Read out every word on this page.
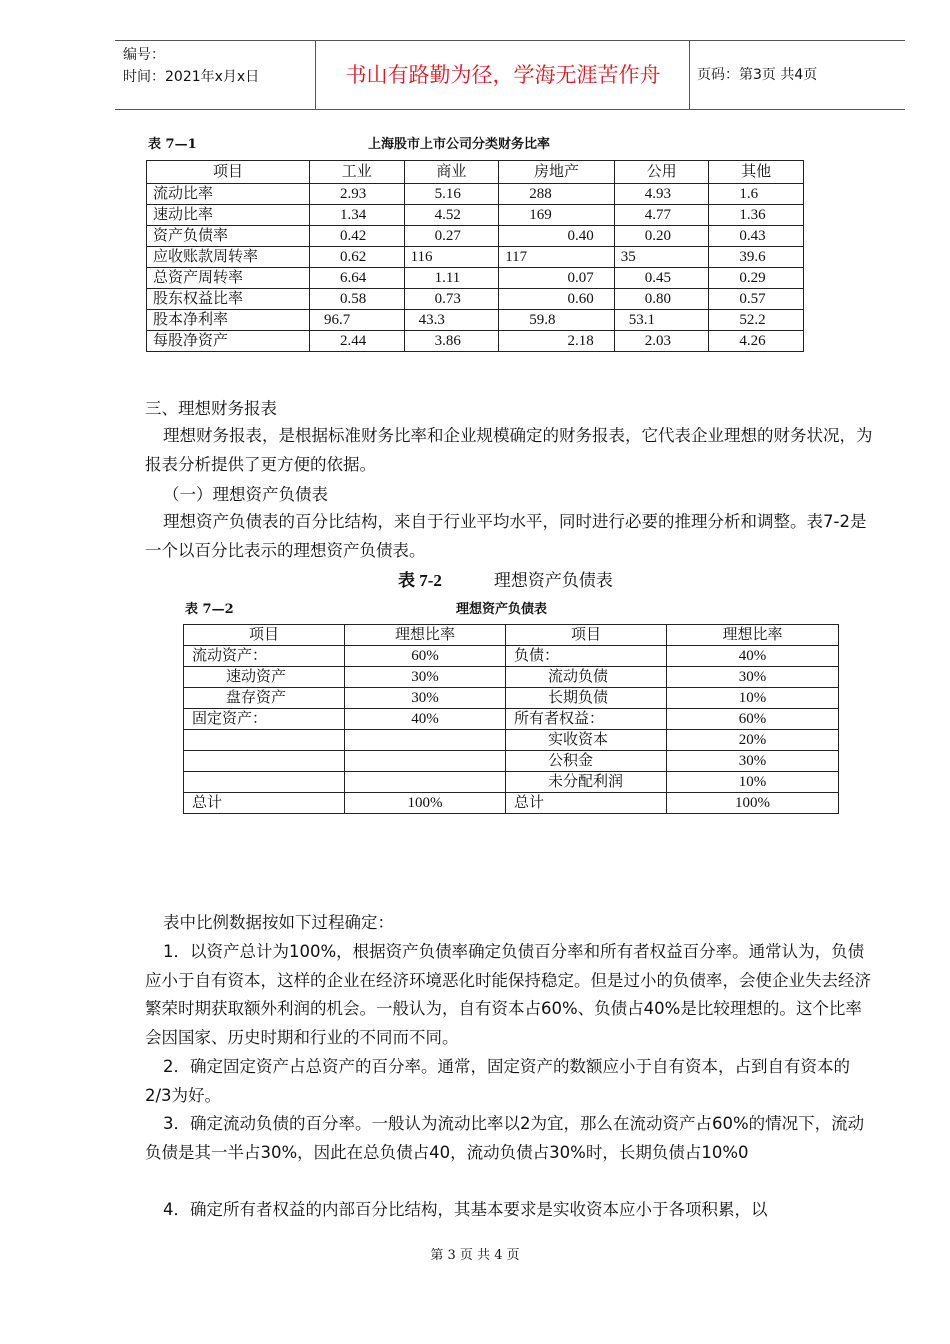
编号：
时间：2021年x月x日	书山有路勤为径，学海无涯苦作舟	页码：第3页 共4页
表 7—1	上海股市上市公司分类财务比率
项目	工业	商业	房地产	公用	其他
流动比率	2.93	5.16	288	4.93	1.6
速动比率	1.34	4.52	169	4.77	1.36
资产负债率	0.42	0.27	0.40	0.20	0.43
应收账款周转率	0.62	116	117	35	39.6
总资产周转率	6.64	1.11	0.07	0.45	0.29
股东权益比率	0.58	0.73	0.60	0.80	0.57
股本净利率	96.7	43.3	59.8	53.1	52.2
每股净资产	2.44	3.86	2.18	2.03	4.26
三、理想财务报表
理想财务报表，是根据标准财务比率和企业规模确定的财务报表，它代表企业理想的财务状况，为报表分析提供了更方便的依据。
（一）理想资产负债表
理想资产负债表的百分比结构，来自于行业平均水平，同时进行必要的推理分析和调整。表7-2是一个以百分比表示的理想资产负债表。
表 7-2	理想资产负债表
表 7—2	理想资产负债表
项目	理想比率	项目	理想比率
流动资产：	60%	负债：	40%
速动资产	30%	流动负债	30%
盘存资产	30%	长期负债	10%
固定资产：	40%	所有者权益：	60%
		实收资本	20%
		公积金	30%
		未分配利润	10%
总计	100%	总计	100%
表中比例数据按如下过程确定：
1．以资产总计为100%，根据资产负债率确定负债百分率和所有者权益百分率。通常认为，负债应小于自有资本，这样的企业在经济环境恶化时能保持稳定。但是过小的负债率，会使企业失去经济繁荣时期获取额外利润的机会。一般认为，自有资本占60%、负债占40%是比较理想的。这个比率会因国家、历史时期和行业的不同而不同。
2．确定固定资产占总资产的百分率。通常，固定资产的数额应小于自有资本，占到自有资本的2/3为好。
3．确定流动负债的百分率。一般认为流动比率以2为宜，那么在流动资产占60%的情况下，流动负债是其一半占30%，因此在总负债占40，流动负债占30%时，长期负债占10%0
4．确定所有者权益的内部百分比结构，其基本要求是实收资本应小于各项积累，以
第 3 页 共 4 页
